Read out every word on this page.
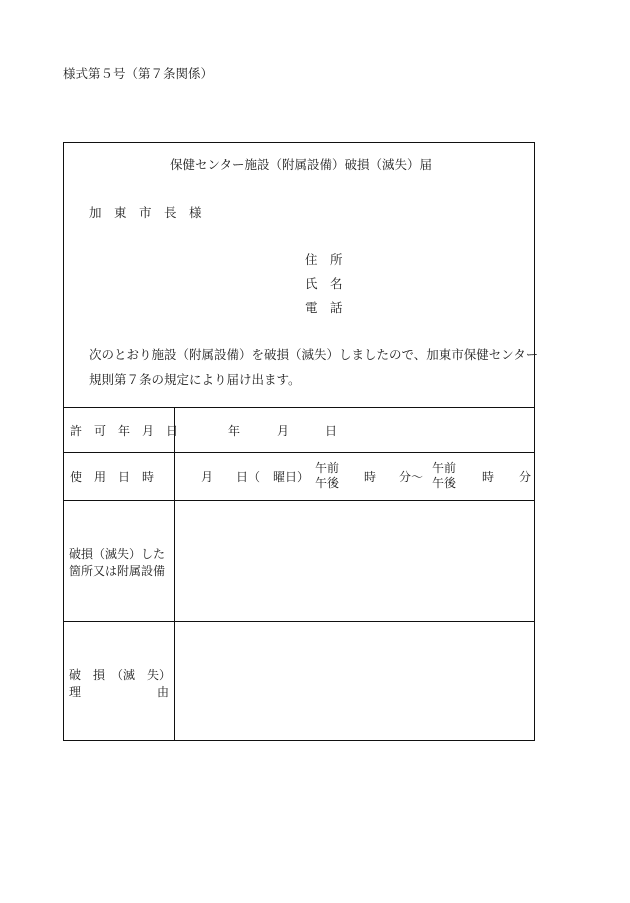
様式第５号（第７条関係）
保健センター施設（附属設備）破損（滅失）届
加　東　市　長　様
住　所
氏　名
電　話
次のとおり施設（附属設備）を破損（滅失）しましたので、加東市保健センター
規則第７条の規定により届け出ます。
許　可　年　月　日	年	月	日
使　用　日　時	月 日（ 曜日）
午前
午後 時 分～
午前
午後 時 分
破損（滅失）した
箇所又は附属設備
破　損　（滅　失）
理	由
